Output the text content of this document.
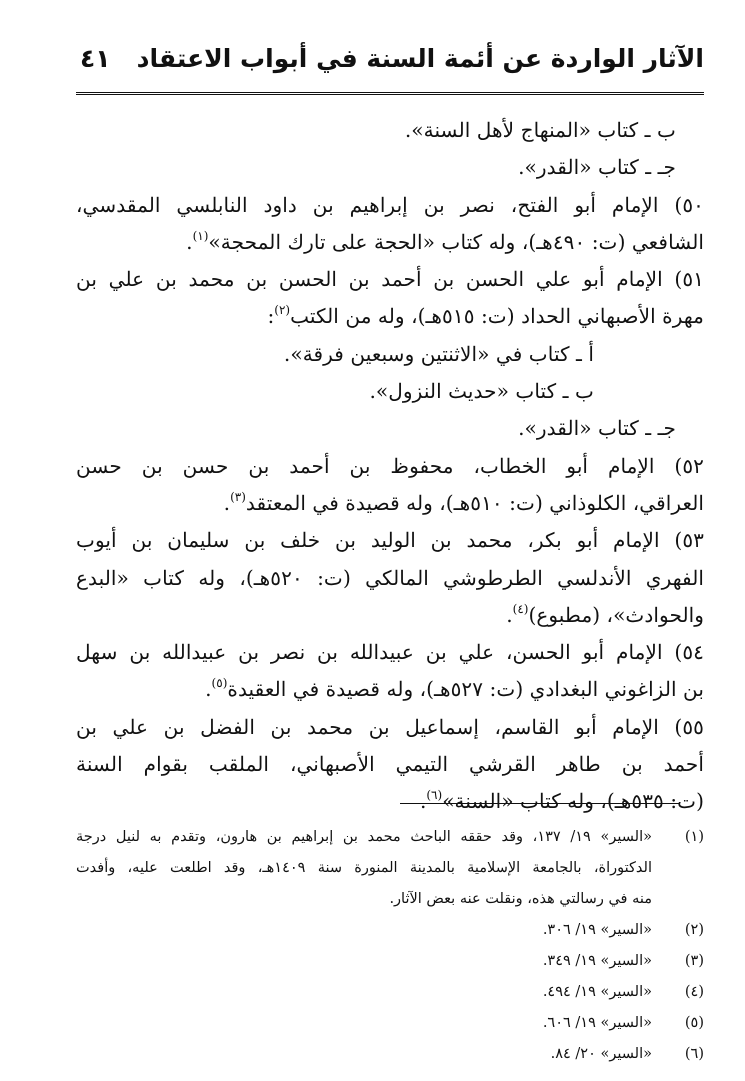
الآثار الواردة عن أئمة السنة في أبواب الاعتقاد
٤١
ب ـ كتاب «المنهاج لأهل السنة».
جـ ـ كتاب «القدر».
٥٠) الإمام أبو الفتح، نصر بن إبراهيم بن داود النابلسي المقدسي،
الشافعي (ت: ٤٩٠هـ)، وله كتاب «الحجة على تارك المحجة»$^{(١)}$.
٥١) الإمام أبو علي الحسن بن أحمد بن الحسن بن محمد بن علي بن
مهرة الأصبهاني الحداد (ت: ٥١٥هـ)، وله من الكتب$^{(٢)}$:
أ ـ كتاب في «الاثنتين وسبعين فرقة».
ب ـ كتاب «حديث النزول».
جـ ـ كتاب «القدر».
٥٢) الإمام أبو الخطاب، محفوظ بن أحمد بن حسن بن حسن
العراقي، الكلوذاني (ت: ٥١٠هـ)، وله قصيدة في المعتقد$^{(٣)}$.
٥٣) الإمام أبو بكر، محمد بن الوليد بن خلف بن سليمان بن أيوب
الفهري الأندلسي الطرطوشي المالكي (ت: ٥٢٠هـ)، وله كتاب «البدع
والحوادث»، (مطبوع)$^{(٤)}$.
٥٤) الإمام أبو الحسن، علي بن عبيدالله بن نصر بن عبيدالله بن سهل
بن الزاغوني البغدادي (ت: ٥٢٧هـ)، وله قصيدة في العقيدة$^{(٥)}$.
٥٥) الإمام أبو القاسم، إسماعيل بن محمد بن الفضل بن علي بن
أحمد بن طاهر القرشي التيمي الأصبهاني، الملقب بقوام السنة
(ت: ٥٣٥هـ)، وله كتاب «السنة»$^{(٦)}$.
(١)
«السير» ١٩/ ١٣٧، وقد حققه الباحث محمد بن إبراهيم بن هارون، وتقدم به لنيل درجة
الدكتوراة، بالجامعة الإسلامية بالمدينة المنورة سنة ١٤٠٩هـ، وقد اطلعت عليه، وأفدت
منه في رسالتي هذه، ونقلت عنه بعض الآثار.
(٢)
«السير» ١٩/ ٣٠٦.
(٣)
«السير» ١٩/ ٣٤٩.
(٤)
«السير» ١٩/ ٤٩٤.
(٥)
«السير» ١٩/ ٦٠٦.
(٦)
«السير» ٢٠/ ٨٤.
